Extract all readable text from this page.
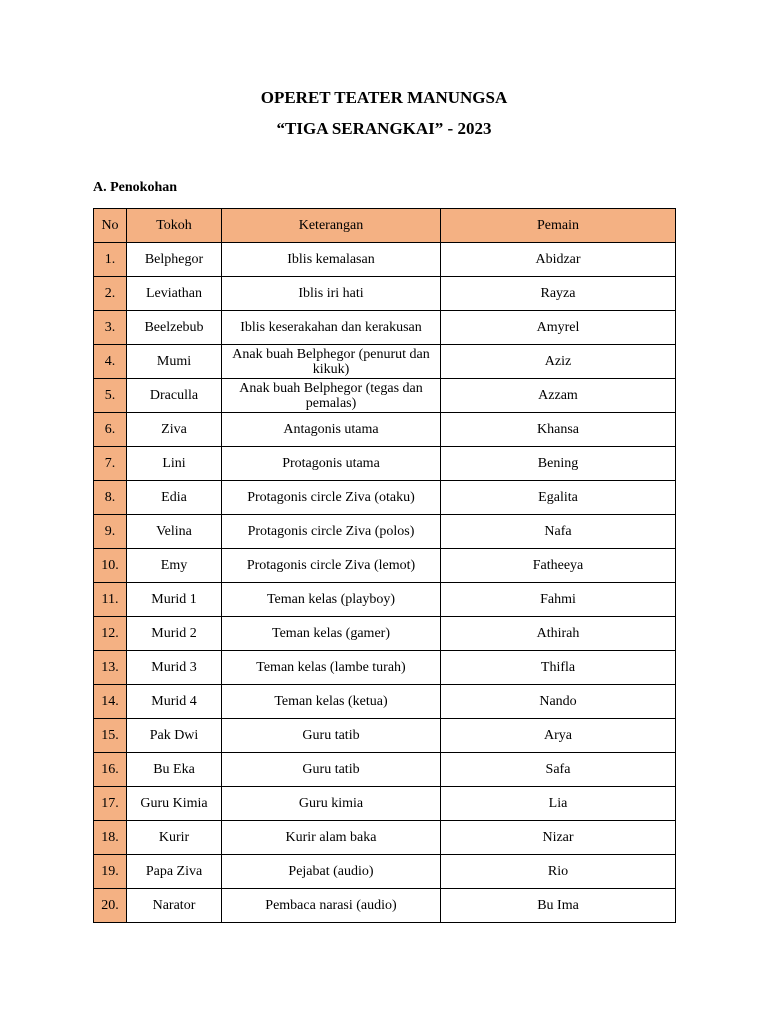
OPERET TEATER MANUNGSA
“TIGA SERANGKAI” - 2023

A. Penokohan

No	Tokoh	Keterangan	Pemain
1.	Belphegor	Iblis kemalasan	Abidzar
2.	Leviathan	Iblis iri hati	Rayza
3.	Beelzebub	Iblis keserakahan dan kerakusan	Amyrel
4.	Mumi	Anak buah Belphegor (penurut dan kikuk)	Aziz
5.	Draculla	Anak buah Belphegor (tegas dan pemalas)	Azzam
6.	Ziva	Antagonis utama	Khansa
7.	Lini	Protagonis utama	Bening
8.	Edia	Protagonis circle Ziva (otaku)	Egalita
9.	Velina	Protagonis circle Ziva (polos)	Nafa
10.	Emy	Protagonis circle Ziva (lemot)	Fatheeya
11.	Murid 1	Teman kelas (playboy)	Fahmi
12.	Murid 2	Teman kelas (gamer)	Athirah
13.	Murid 3	Teman kelas (lambe turah)	Thifla
14.	Murid 4	Teman kelas (ketua)	Nando
15.	Pak Dwi	Guru tatib	Arya
16.	Bu Eka	Guru tatib	Safa
17.	Guru Kimia	Guru kimia	Lia
18.	Kurir	Kurir alam baka	Nizar
19.	Papa Ziva	Pejabat (audio)	Rio
20.	Narator	Pembaca narasi (audio)	Bu Ima
